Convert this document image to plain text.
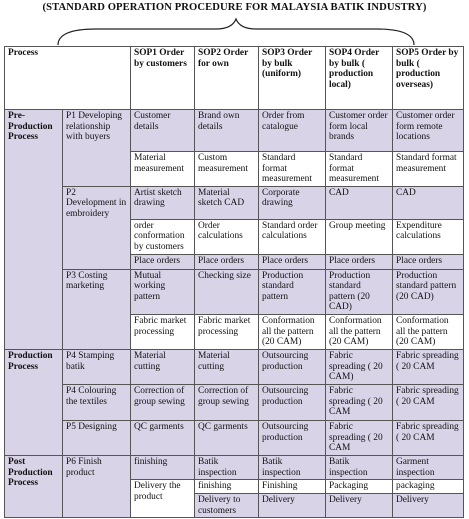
(STANDARD OPERATION PROCEDURE FOR MALAYSIA BATIK INDUSTRY)
Process		SOP1 Order by customers	SOP2 Order for own	SOP3 Order by bulk (uniform)	SOP4 Order by bulk ( production local)	SOP5 Order by bulk ( production overseas)
Pre- Production Process	P1 Developing relationship with buyers	Customer details	Brand own details	Order from catalogue	Customer order form local brands	Customer order form remote locations
		Material measurement	Custom measurement	Standard format measurement	Standard format measurement	Standard format measurement
	P2 Development in embroidery	Artist sketch drawing	Material sketch CAD	Corporate drawing	CAD	CAD
		order conformation by customers	Order calculations	Standard order calculations	Group meeting	Expenditure calculations
		Place orders	Place orders	Place orders	Place orders	Place orders
	P3 Costing marketing	Mutual working pattern	Checking size	Production standard pattern	Production standard pattern (20 CAD)	Production standard pattern (20 CAD)
		Fabric market processing	Fabric market processing	Conformation all the pattern (20 CAM)	Conformation all the pattern (20 CAM)	Conformation all the pattern (20 CAM)
Production Process	P4 Stamping batik	Material cutting	Material cutting	Outsourcing production	Fabric spreading ( 20 CAM)	Fabric spreading ( 20 CAM
	P4 Colouring the textiles	Correction of group sewing	Correction of group sewing	Outsourcing production	Fabric spreading ( 20 CAM	Fabric spreading ( 20 CAM
	P5 Designing	QC garments	QC garments	Outsourcing production	Fabric spreading ( 20 CAM	Fabric spreading ( 20 CAM
Post Production Process	P6 Finish product	finishing	Batik inspection	Batik inspection	Batik inspection	Garment inspection
		Delivery the product	finishing	Finishing	Packaging	packaging
			Delivery to customers	Delivery	Delivery	Delivery
